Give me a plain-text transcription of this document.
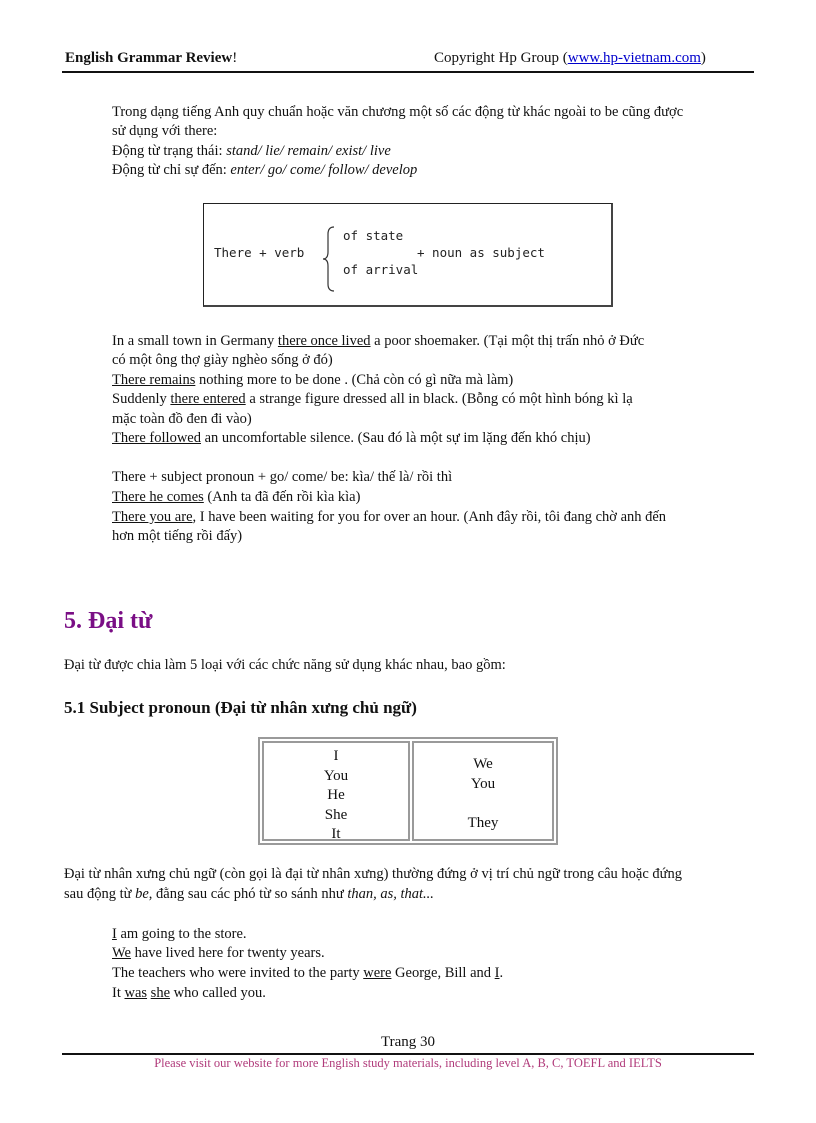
English Grammar Review!	Copyright Hp Group (www.hp-vietnam.com)
Trong dạng tiếng Anh quy chuẩn hoặc văn chương một số các động từ khác ngoài to be cũng được
sử dụng với there:
Động từ trạng thái: stand/ lie/ remain/ exist/ live
Động từ chỉ sự đến: enter/ go/ come/ follow/ develop
There + verb
of state
of arrival
+ noun as subject
In a small town in Germany there once lived a poor shoemaker. (Tại một thị trấn nhỏ ở Đức
có một ông thợ giày nghèo sống ở đó)
There remains nothing more to be done . (Chả còn có gì nữa mà làm)
Suddenly there entered a strange figure dressed all in black. (Bỗng có một hình bóng kì lạ
mặc toàn đồ đen đi vào)
There followed an uncomfortable silence. (Sau đó là một sự im lặng đến khó chịu)
There + subject pronoun + go/ come/ be: kìa/ thế là/ rồi thì
There he comes (Anh ta đã đến rồi kìa kìa)
There you are, I have been waiting for you for over an hour. (Anh đây rồi, tôi đang chờ anh đến
hơn một tiếng rồi đấy)
5. Đại từ
Đại từ được chia làm 5 loại với các chức năng sử dụng khác nhau, bao gồm:
5.1 Subject pronoun (Đại từ nhân xưng chủ ngữ)
I
You
He
She
It
We
You
They
Đại từ nhân xưng chủ ngữ (còn gọi là đại từ nhân xưng) thường đứng ở vị trí chủ ngữ trong câu hoặc đứng
sau động từ be, đằng sau các phó từ so sánh như than, as, that...
I am going to the store.
We have lived here for twenty years.
The teachers who were invited to the party were George, Bill and I.
It was she who called you.
Trang 30
Please visit our website for more English study materials, including level A, B, C, TOEFL and IELTS
